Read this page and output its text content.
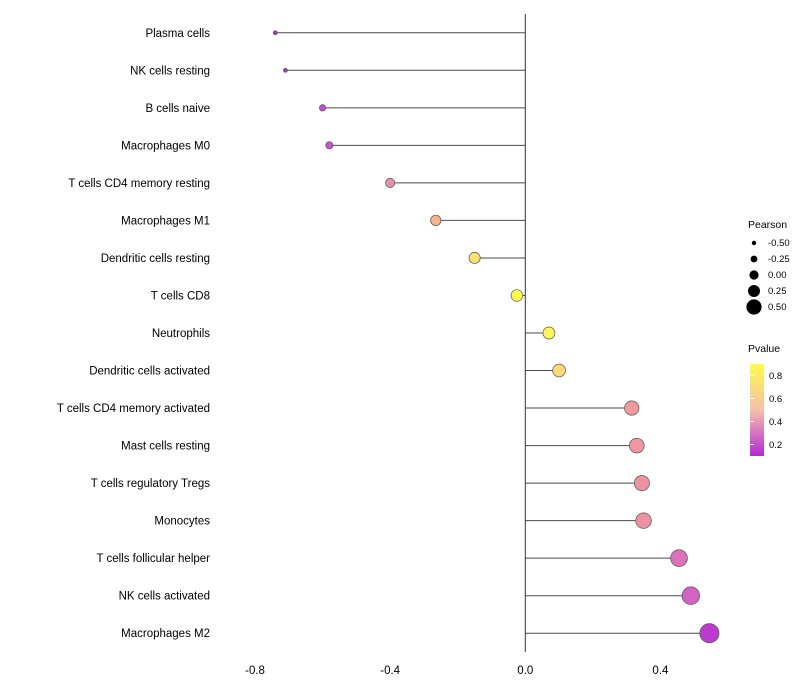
Plasma cells
NK cells resting
B cells naive
Macrophages M0
T cells CD4 memory resting
Macrophages M1
Dendritic cells resting
T cells CD8
Neutrophils
Dendritic cells activated
T cells CD4 memory activated
Mast cells resting
T cells regulatory Tregs
Monocytes
T cells follicular helper
NK cells activated
Macrophages M2
-0.8	-0.4	0.0	0.4
Pearson
-0.50
-0.25
0.00
0.25
0.50
Pvalue
0.8
0.6
0.4
0.2
